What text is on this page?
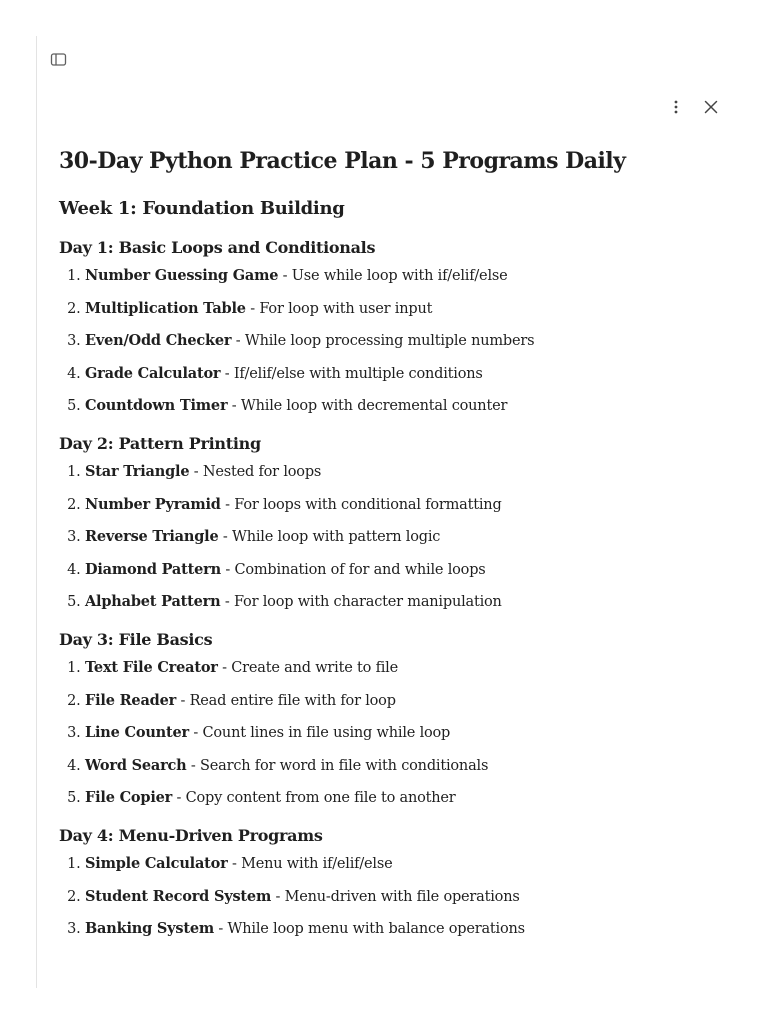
30-Day Python Practice Plan - 5 Programs Daily
Week 1: Foundation Building
Day 1: Basic Loops and Conditionals
1. Number Guessing Game - Use while loop with if/elif/else
2. Multiplication Table - For loop with user input
3. Even/Odd Checker - While loop processing multiple numbers
4. Grade Calculator - If/elif/else with multiple conditions
5. Countdown Timer - While loop with decremental counter
Day 2: Pattern Printing
1. Star Triangle - Nested for loops
2. Number Pyramid - For loops with conditional formatting
3. Reverse Triangle - While loop with pattern logic
4. Diamond Pattern - Combination of for and while loops
5. Alphabet Pattern - For loop with character manipulation
Day 3: File Basics
1. Text File Creator - Create and write to file
2. File Reader - Read entire file with for loop
3. Line Counter - Count lines in file using while loop
4. Word Search - Search for word in file with conditionals
5. File Copier - Copy content from one file to another
Day 4: Menu-Driven Programs
1. Simple Calculator - Menu with if/elif/else
2. Student Record System - Menu-driven with file operations
3. Banking System - While loop menu with balance operations
